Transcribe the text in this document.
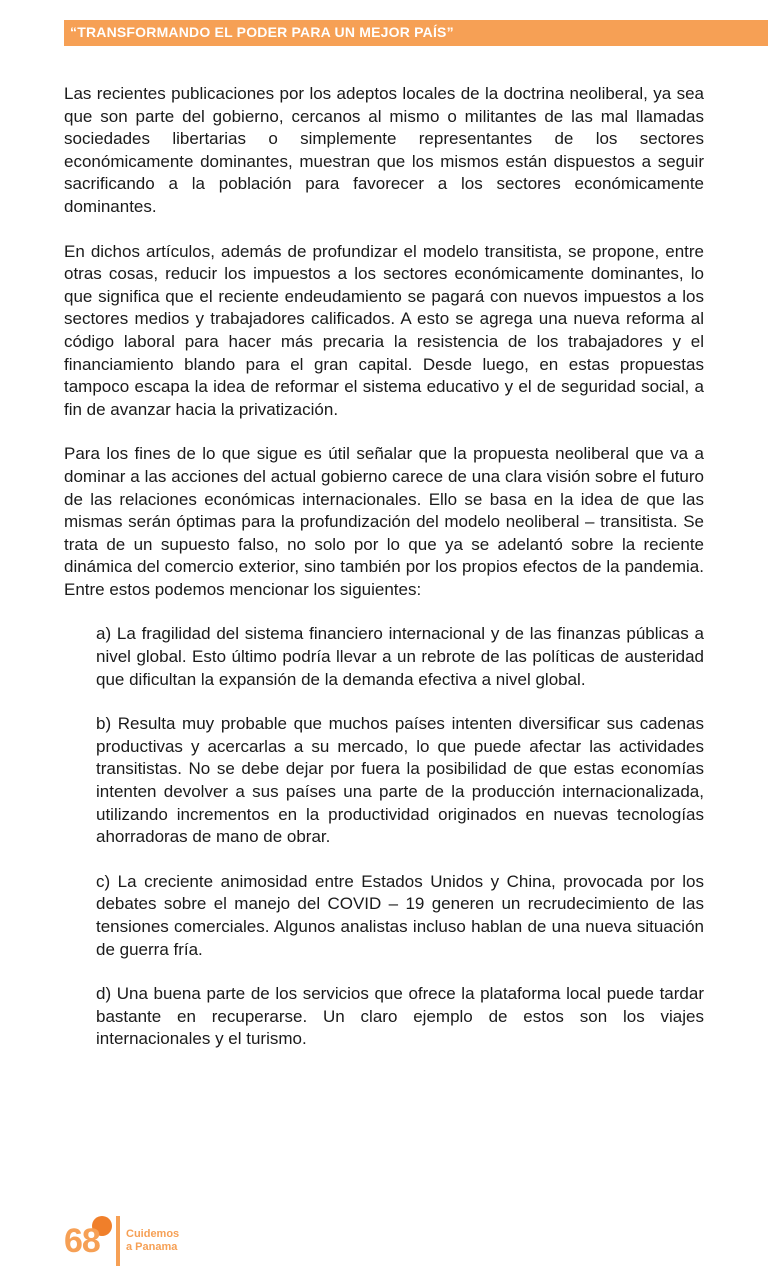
“TRANSFORMANDO EL PODER PARA UN MEJOR PAÍS”

Las recientes publicaciones por los adeptos locales de la doctrina neoliberal, ya sea que son parte del gobierno, cercanos al mismo o militantes de las mal llamadas sociedades libertarias o simplemente representantes de los sectores económicamente dominantes, muestran que los mismos están dispuestos a seguir sacrificando a la población para favorecer a los sectores económicamente dominantes.

En dichos artículos, además de profundizar el modelo transitista, se propone, entre otras cosas, reducir los impuestos a los sectores económicamente dominantes, lo que significa que el reciente endeudamiento se pagará con nuevos impuestos a los sectores medios y trabajadores calificados. A esto se agrega una nueva reforma al código laboral para hacer más precaria la resistencia de los trabajadores y el financiamiento blando para el gran capital. Desde luego, en estas propuestas tampoco escapa la idea de reformar el sistema educativo y el de seguridad social, a fin de avanzar hacia la privatización.

Para los fines de lo que sigue es útil señalar que la propuesta neoliberal que va a dominar a las acciones del actual gobierno carece de una clara visión sobre el futuro de las relaciones económicas internacionales. Ello se basa en la idea de que las mismas serán óptimas para la profundización del modelo neoliberal – transitista. Se trata de un supuesto falso, no solo por lo que ya se adelantó sobre la reciente dinámica del comercio exterior, sino también por los propios efectos de la pandemia. Entre estos podemos mencionar los siguientes:

a) La fragilidad del sistema financiero internacional y de las finanzas públicas a nivel global. Esto último podría llevar a un rebrote de las políticas de austeridad que dificultan la expansión de la demanda efectiva a nivel global.
b) Resulta muy probable que muchos países intenten diversificar sus cadenas productivas y acercarlas a su mercado, lo que puede afectar las actividades transitistas. No se debe dejar por fuera la posibilidad de que estas economías intenten devolver a sus países una parte de la producción internacionalizada, utilizando incrementos en la productividad originados en nuevas tecnologías ahorradoras de mano de obrar.
c) La creciente animosidad entre Estados Unidos y China, provocada por los debates sobre el manejo del COVID – 19 generen un recrudecimiento de las tensiones comerciales. Algunos analistas incluso hablan de una nueva situación de guerra fría.
d) Una buena parte de los servicios que ofrece la plataforma local puede tardar bastante en recuperarse. Un claro ejemplo de estos son los viajes internacionales y el turismo.
68 Cuidemos
a Panama
